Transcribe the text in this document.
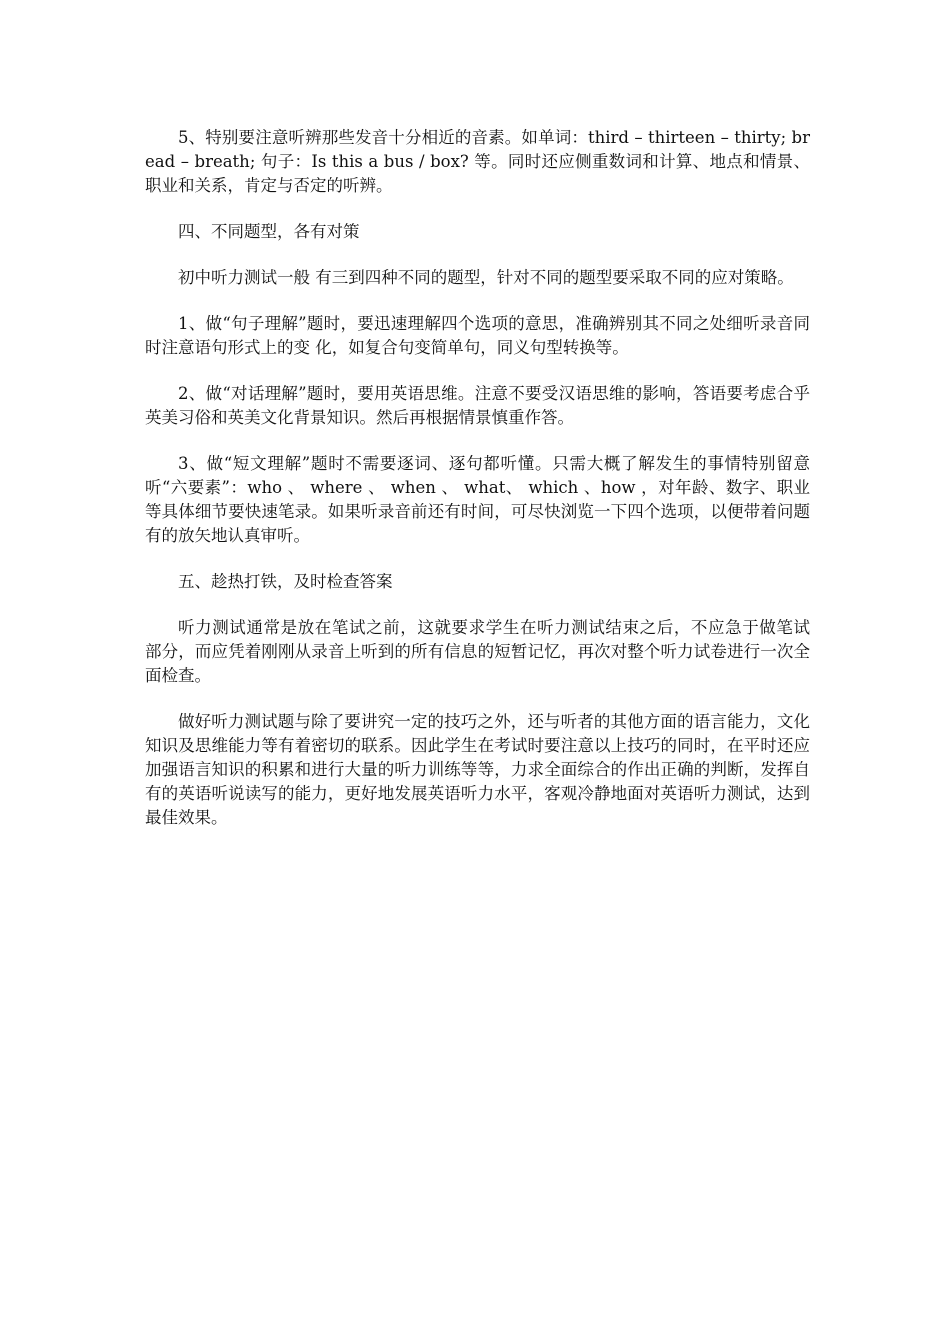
5、特别要注意听辨那些发音十分相近的音素。如单词：third – thirteen – thirty; bread – breath; 句子：Is this a bus / box? 等。同时还应侧重数词和计算、地点和情景、职业和关系，肯定与否定的听辨。

四、不同题型，各有对策

初中听力测试一般 有三到四种不同的题型，针对不同的题型要采取不同的应对策略。

1、做“句子理解”题时，要迅速理解四个选项的意思，准确辨别其不同之处细听录音同时注意语句形式上的变 化，如复合句变简单句，同义句型转换等。

2、做“对话理解”题时，要用英语思维。注意不要受汉语思维的影响，答语要考虑合乎英美习俗和英美文化背景知识。然后再根据情景慎重作答。

3、做“短文理解”题时不需要逐词、逐句都听懂。只需大概了解发生的事情特别留意听“六要素”：who 、 where 、 when 、 what、 which 、how ，对年龄、数字、职业等具体细节要快速笔录。如果听录音前还有时间，可尽快浏览一下四个选项，以便带着问题有的放矢地认真审听。

五、趁热打铁，及时检查答案

听力测试通常是放在笔试之前，这就要求学生在听力测试结束之后，不应急于做笔试 部分，而应凭着刚刚从录音上听到的所有信息的短暂记忆，再次对整个听力试卷进行一次全面检查。

做好听力测试题与除了要讲究一定的技巧之外，还与听者的其他方面的语言能力，文化知识及思维能力等有着密切的联系。因此学生在考试时要注意以上技巧的同时，在平时还应加强语言知识的积累和进行大量的听力训练等等，力求全面综合的作出正确的判断，发挥自有的英语听说读写的能力，更好地发展英语听力水平，客观冷静地面对英语听力测试，达到最佳效果。
